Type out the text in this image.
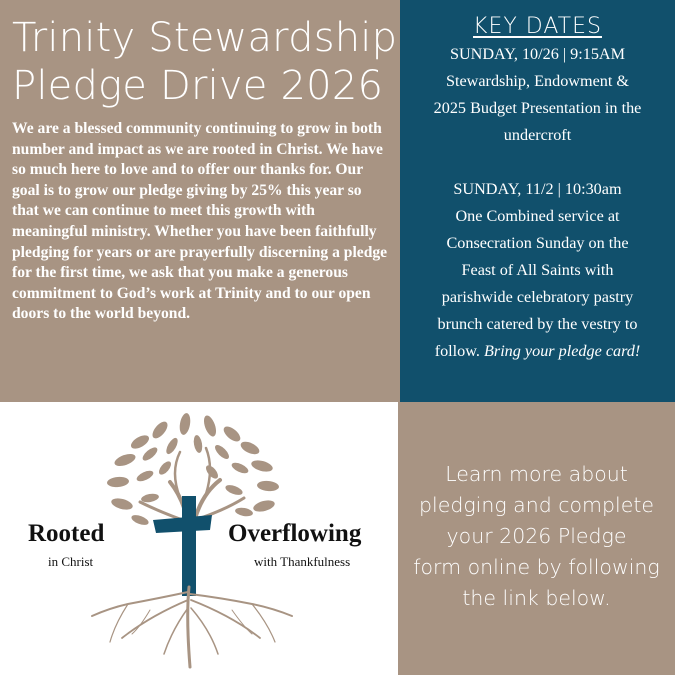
Trinity Stewardship
Pledge Drive 2026

We are a blessed community continuing to grow in both number and impact as we are rooted in Christ. We have so much here to love and to offer our thanks for. Our goal is to grow our pledge giving by 25% this year so that we can continue to meet this growth with meaningful ministry. Whether you have been faithfully pledging for years or are prayerfully discerning a pledge for the first time, we ask that you make a generous commitment to God’s work at Trinity and to our open doors to the world beyond.

KEY DATES

SUNDAY, 10/26 | 9:15AM

Stewardship, Endowment &

2025 Budget Presentation in the

undercroft

SUNDAY, 11/2 | 10:30am

One Combined service at

Consecration Sunday on the

Feast of All Saints with

parishwide celebratory pastry

brunch catered by the vestry to

follow. Bring your pledge card!

Rooted
in Christ
Overflowing
with Thankfulness

Learn more about
pledging and complete
your 2026 Pledge
form online by following
the link below.
